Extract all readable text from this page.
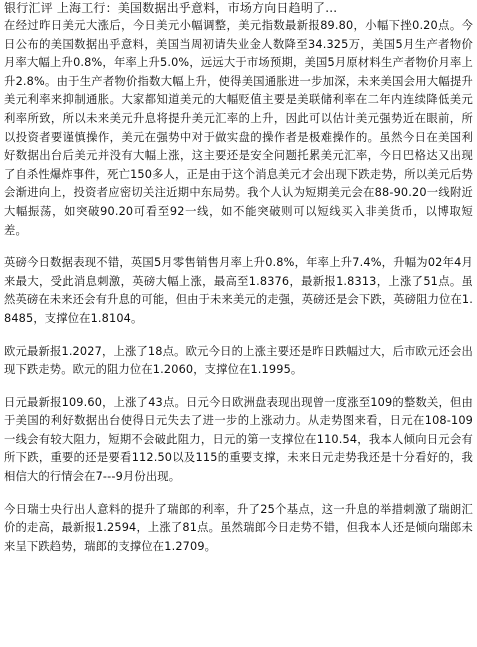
银行汇评 上海工行：美国数据出乎意料，市场方向日趋明了...

在经过昨日美元大涨后，今日美元小幅调整，美元指数最新报89.80，小幅下挫0.20点。今日公布的美国数据出乎意料，美国当周初请失业金人数降至34.325万，美国5月生产者物价月率大幅上升0.8%，年率上升5.0%，远远大于市场预期，美国5月原材料生产者物价月率上升2.8%。由于生产者物价指数大幅上升，使得美国通胀进一步加深，未来美国会用大幅提升美元利率来抑制通胀。大家都知道美元的大幅贬值主要是美联储利率在二年内连续降低美元利率所致，所以未来美元升息将提升美元汇率的上升，因此可以估计美元强势近在眼前，所以投资者要谨慎操作，美元在强势中对于做实盘的操作者是极难操作的。虽然今日在美国利好数据出台后美元并没有大幅上涨，这主要还是安全问题托累美元汇率，今日巴格达又出现了自杀性爆炸事件，死亡150多人，正是由于这个消息美元才会出现下跌走势，所以美元后势会渐进向上，投资者应密切关注近期中东局势。我个人认为短期美元会在88-90.20一线附近大幅振荡，如突破90.20可看至92一线，如不能突破则可以短线买入非美货币，以博取短差。

英磅今日数据表现不错，英国5月零售销售月率上升0.8%，年率上升7.4%，升幅为02年4月来最大，受此消息刺激，英磅大幅上涨，最高至1.8376，最新报1.8313，上涨了51点。虽然英磅在未来还会有升息的可能，但由于未来美元的走强，英磅还是会下跌，英磅阻力位在1.8485，支撑位在1.8104。

欧元最新报1.2027，上涨了18点。欧元今日的上涨主要还是昨日跌幅过大，后市欧元还会出现下跌走势。欧元的阻力位在1.2060，支撑位在1.1995。

日元最新报109.60，上涨了43点。日元今日欧洲盘表现出现曾一度涨至109的整数关，但由于美国的利好数据出台使得日元失去了进一步的上涨动力。从走势图来看，日元在108-109一线会有较大阻力，短期不会破此阻力，日元的第一支撑位在110.54，我本人倾向日元会有所下跌，重要的还是要看112.50以及115的重要支撑，未来日元走势我还是十分看好的，我相信大的行情会在7---9月份出现。

今日瑞士央行出人意料的提升了瑞郎的利率，升了25个基点，这一升息的举措刺激了瑞朗汇价的走高，最新报1.2594，上涨了81点。虽然瑞郎今日走势不错，但我本人还是倾向瑞郎未来呈下跌趋势，瑞郎的支撑位在1.2709。
